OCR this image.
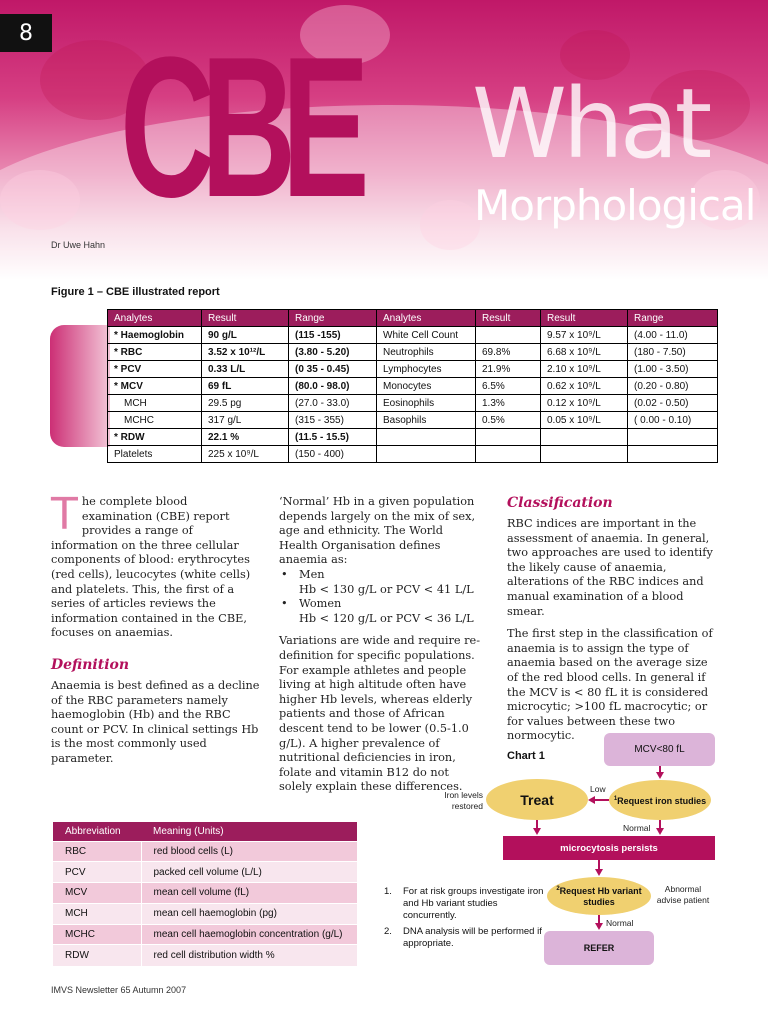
CBE What
Morphological
Dr Uwe Hahn
8
Figure 1 – CBE illustrated report
Analytes	Result	Range	Analytes	Result	Result	Range
* Haemoglobin	90 g/L	(115 -155)	White Cell Count		9.57 x 10⁹/L	(4.00 - 11.0)
* RBC	3.52 x 10¹²/L	(3.80 - 5.20)	Neutrophils	69.8%	6.68 x 10⁹/L	(180 - 7.50)
* PCV	0.33 L/L	(0 35 - 0.45)	Lymphocytes	21.9%	2.10 x 10⁹/L	(1.00 - 3.50)
* MCV	69 fL	(80.0 - 98.0)	Monocytes	6.5%	0.62 x 10⁹/L	(0.20 - 0.80)
MCH	29.5 pg	(27.0 - 33.0)	Eosinophils	1.3%	0.12 x 10⁹/L	(0.02 - 0.50)
MCHC	317 g/L	(315 - 355)	Basophils	0.5%	0.05 x 10⁹/L	( 0.00 - 0.10)
* RDW	22.1 %	(11.5 - 15.5)				
Platelets	225 x 10⁹/L	(150 - 400)				

The complete blood examination (CBE) report provides a range of information on the three cellular components of blood: erythrocytes (red cells), leucocytes (white cells) and platelets. This, the first of a series of articles reviews the information contained in the CBE, focuses on anaemias.

Definition

Anaemia is best defined as a decline of the RBC parameters namely haemoglobin (Hb) and the RBC count or PCV. In clinical settings Hb is the most commonly used parameter.

‘Normal’ Hb in a given population depends largely on the mix of sex, age and ethnicity. The World Health Organisation defines anaemia as:

• Men
Hb < 130 g/L or PCV < 41 L/L
• Women
Hb < 120 g/L or PCV < 36 L/L

Variations are wide and require re-definition for specific populations. For example athletes and people living at high altitude often have higher Hb levels, whereas elderly patients and those of African descent tend to be lower (0.5-1.0 g/L). A higher prevalence of nutritional deficiencies in iron, folate and vitamin B12 do not solely explain these differences.

Classification

RBC indices are important in the assessment of anaemia. In general, two approaches are used to identify the likely cause of anaemia, alterations of the RBC indices and manual examination of a blood smear.

The first step in the classification of anaemia is to assign the type of anaemia based on the average size of the red blood cells. In general if the MCV is < 80 fL it is considered microcytic; >100 fL macrocytic; or for values between these two normocytic.

Abbreviation	Meaning (Units)
RBC	red blood cells (L)
PCV	packed cell volume (L/L)
MCV	mean cell volume (fL)
MCH	mean cell haemoglobin (pg)
MCHC	mean cell haemoglobin concentration (g/L)
RDW	red cell distribution width %
Chart 1
MCV<80 fL
Treat	$^1$Request iron studies
Low
Iron levels restored
Normal
microcytosis persists
$^2$Request Hb variant studies
Abnormal advise patient
Normal
REFER
1. For at risk groups investigate iron and Hb variant studies concurrently.
2. DNA analysis will be performed if appropriate.
IMVS Newsletter 65 Autumn 2007
